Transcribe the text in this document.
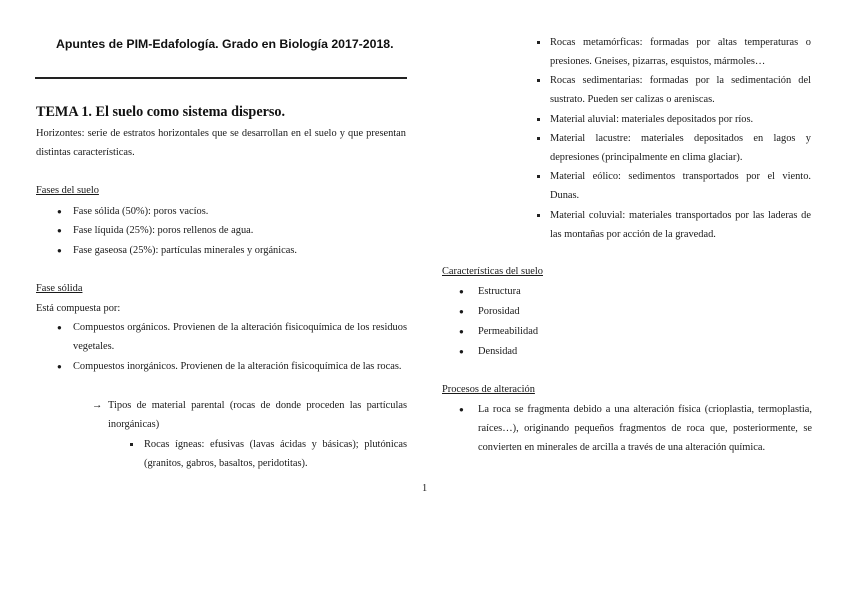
Apuntes de PIM-Edafología. Grado en Biología 2017-2018.
TEMA 1. El suelo como sistema disperso.
Horizontes: serie de estratos horizontales que se desarrollan en el suelo y que presentan distintas características.
Fases del suelo
● Fase sólida (50%): poros vacíos.
● Fase líquida (25%): poros rellenos de agua.
● Fase gaseosa (25%): partículas minerales y orgánicas.
Fase sólida
Está compuesta por:
● Compuestos orgánicos. Provienen de la alteración fisicoquímica de los residuos vegetales.
● Compuestos inorgánicos. Provienen de la alteración fisicoquímica de las rocas.
→ Tipos de material parental (rocas de donde proceden las partículas inorgánicas)
Rocas ígneas: efusivas (lavas ácidas y básicas); plutónicas (granitos, gabros, basaltos, peridotitas).
Rocas metamórficas: formadas por altas temperaturas o presiones. Gneises, pizarras, esquistos, mármoles…
Rocas sedimentarias: formadas por la sedimentación del sustrato. Pueden ser calizas o areniscas.
Material aluvial: materiales depositados por ríos.
Material lacustre: materiales depositados en lagos y depresiones (principalmente en clima glaciar).
Material eólico: sedimentos transportados por el viento. Dunas.
Material coluvial: materiales transportados por las laderas de las montañas por acción de la gravedad.
Características del suelo
● Estructura
● Porosidad
● Permeabilidad
● Densidad
Procesos de alteración
● La roca se fragmenta debido a una alteración física (crioplastia, termoplastia, raíces…), originando pequeños fragmentos de roca que, posteriormente, se convierten en minerales de arcilla a través de una alteración química.
1
